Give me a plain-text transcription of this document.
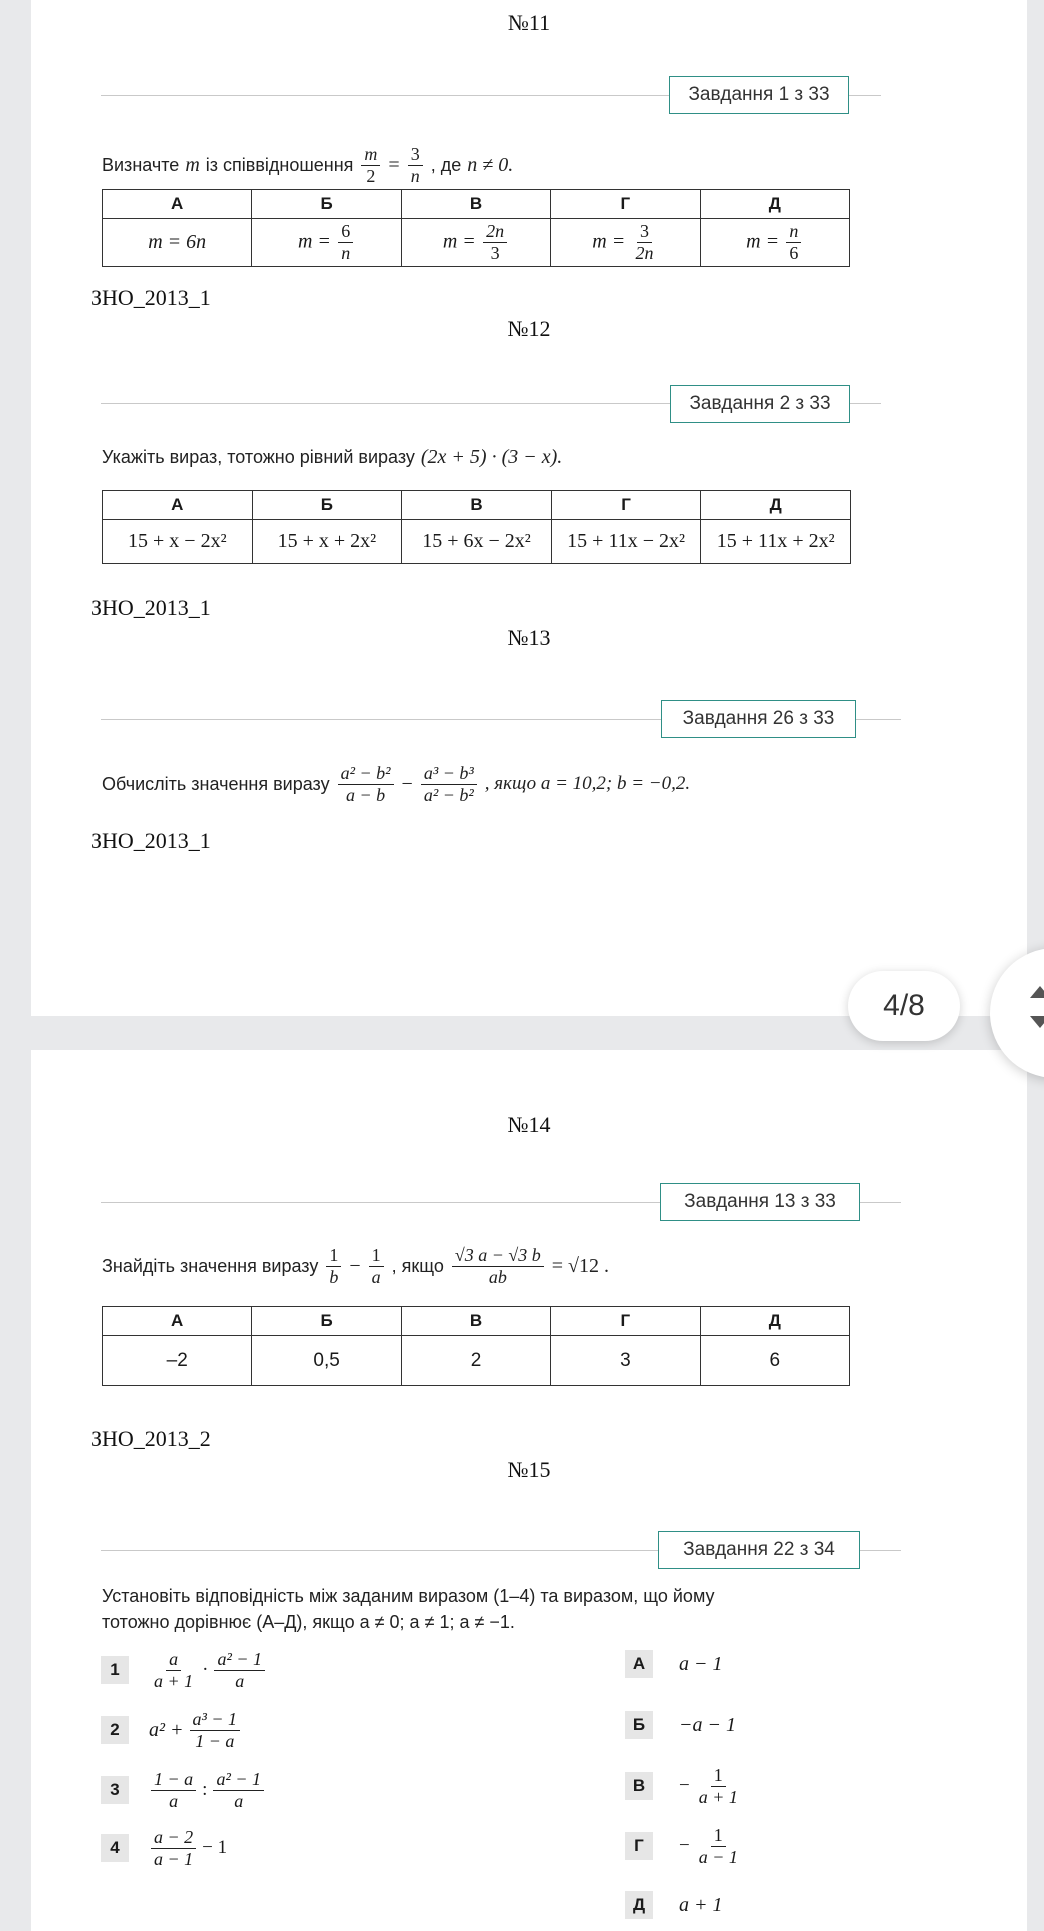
№11
Завдання 1 з 33
Визначте m із співвідношення $\frac{m}{2} = \frac{3}{n}$ , де n ≠ 0.
А	Б	В	Г	Д
m = 6n	$m = \frac{6}{n}$	$m = \frac{2n}{3}$	$m = \frac{3}{2n}$	$m = \frac{n}{6}$
ЗНО_2013_1
№12
Завдання 2 з 33
Укажіть вираз, тотожно рівний виразу (2x + 5) · (3 − x).
А	Б	В	Г	Д
15 + x − 2x²	15 + x + 2x²	15 + 6x − 2x²	15 + 11x − 2x²	15 + 11x + 2x²
ЗНО_2013_1
№13
Завдання 26 з 33
Обчисліть значення виразу $\frac{\text{a² − b²}}{a - b} - \frac{\text{a³ − b³}}{\text{a² − b²}}$ , якщо a = 10,2; b = −0,2.
ЗНО_2013_1
№14
Завдання 13 з 33
Знайдіть значення виразу $\frac{1}{b} - \frac{1}{a}$ , якщо $\frac{√3 a - √3 b}{ab} = √12$ .
А	Б	В	Г	Д
–2	0,5	2	3	6
ЗНО_2013_2
№15
Завдання 22 з 34
Установіть відповідність між заданим виразом (1–4) та виразом, що йому
тотожно дорівнює (А–Д), якщо a ≠ 0; a ≠ 1; a ≠ −1.
1	$\frac{a}{a + 1} \cdot \frac{\text{a² − 1}}{a}$
2	$a^2 + \frac{\text{a³ − 1}}{1 - a}$
3	$\frac{1 - a}{a}$ : $\frac{\text{a² − 1}}{a}$
4	$\frac{a - 2}{a - 1} - 1$
А	a − 1
Б	−a − 1
В	− $\frac{1}{a + 1}$
Г	− $\frac{1}{a - 1}$
Д	a + 1
4/8
